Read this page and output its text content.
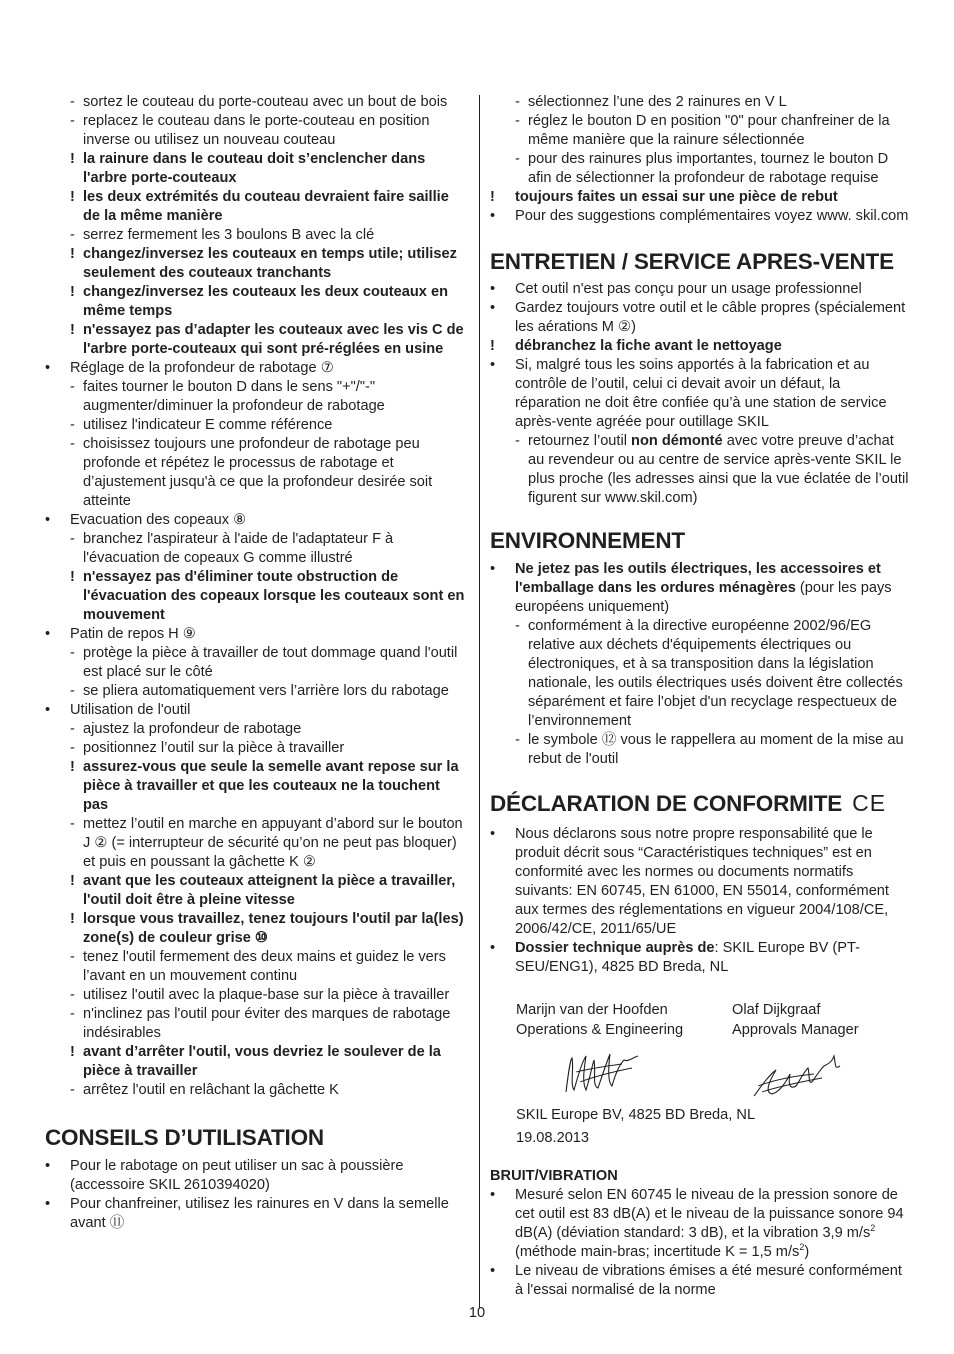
- sortez le couteau du porte-couteau avec un bout de bois
- replacez le couteau dans le porte-couteau en position inverse ou utilisez un nouveau couteau
! la rainure dans le couteau doit s’enclencher dans l'arbre porte-couteaux
! les deux extrémités du couteau devraient faire saillie de la même manière
- serrez fermement les 3 boulons B avec la clé
! changez/inversez les couteaux en temps utile; utilisez seulement des couteaux tranchants
! changez/inversez les couteaux les deux couteaux en même temps
! n'essayez pas d’adapter les couteaux avec les vis C de l'arbre porte-couteaux qui sont pré-réglées en usine
• Réglage de la profondeur de rabotage ⑦
- faites tourner le bouton D dans le sens "+"/"-" augmenter/diminuer la profondeur de rabotage
- utilisez l'indicateur E comme référence
- choisissez toujours une profondeur de rabotage peu profonde et répétez le processus de rabotage et d’ajustement jusqu'à ce que la profondeur desirée soit atteinte
• Evacuation des copeaux ⑧
- branchez l'aspirateur à l'aide de l'adaptateur F à l'évacuation de copeaux G comme illustré
! n'essayez pas d'éliminer toute obstruction de l'évacuation des copeaux lorsque les couteaux sont en mouvement
• Patin de repos H ⑨
- protège la pièce à travailler de tout dommage quand l'outil est placé sur le côté
- se pliera automatiquement vers l’arrière lors du rabotage
• Utilisation de l'outil
- ajustez la profondeur de rabotage
- positionnez l’outil sur la pièce à travailler
! assurez-vous que seule la semelle avant repose sur la pièce à travailler et que les couteaux ne la touchent pas
- mettez l’outil en marche en appuyant d’abord sur le bouton J ② (= interrupteur de sécurité qu’on ne peut pas bloquer) et puis en poussant la gâchette K ②
! avant que les couteaux atteignent la pièce a travailler, l'outil doit être à pleine vitesse
! lorsque vous travaillez, tenez toujours l'outil par la(les) zone(s) de couleur grise ⑩
- tenez l'outil fermement des deux mains et guidez le vers l’avant en un mouvement continu
- utilisez l'outil avec la plaque-base sur la pièce à travailler
- n'inclinez pas l'outil pour éviter des marques de rabotage indésirables
! avant d’arrêter l'outil, vous devriez le soulever de la pièce à travailler
- arrêtez l'outil en relâchant la gâchette K
CONSEILS D’UTILISATION
• Pour le rabotage on peut utiliser un sac à poussière (accessoire SKIL 2610394020)
• Pour chanfreiner, utilisez les rainures en V dans la semelle avant ⑪
- sélectionnez l’une des 2 rainures en V L
- réglez le bouton D en position "0" pour chanfreiner de la même manière que la rainure sélectionnée
- pour des rainures plus importantes, tournez le bouton D afin de sélectionner la profondeur de rabotage requise
! toujours faites un essai sur une pièce de rebut
• Pour des suggestions complémentaires voyez www. skil.com
ENTRETIEN / SERVICE APRES-VENTE
• Cet outil n'est pas conçu pour un usage professionnel
• Gardez toujours votre outil et le câble propres (spécialement les aérations M ②)
! débranchez la fiche avant le nettoyage
• Si, malgré tous les soins apportés à la fabrication et au contrôle de l’outil, celui ci devait avoir un défaut, la réparation ne doit être confiée qu’à une station de service après-vente agréée pour outillage SKIL
- retournez l’outil non démonté avec votre preuve d’achat au revendeur ou au centre de service après-vente SKIL le plus proche (les adresses ainsi que la vue éclatée de l’outil figurent sur www.skil.com)
ENVIRONNEMENT
• Ne jetez pas les outils électriques, les accessoires et l'emballage dans les ordures ménagères (pour les pays européens uniquement)
- conformément à la directive européenne 2002/96/EG relative aux déchets d'équipements électriques ou électroniques, et à sa transposition dans la législation nationale, les outils électriques usés doivent être collectés séparément et faire l'objet d'un recyclage respectueux de l’environnement
- le symbole ⑫ vous le rappellera au moment de la mise au rebut de l'outil
DÉCLARATION DE CONFORMITE CE
• Nous déclarons sous notre propre responsabilité que le produit décrit sous “Caractéristiques techniques” est en conformité avec les normes ou documents normatifs suivants: EN 60745, EN 61000, EN 55014, conformément aux termes des réglementations en vigueur 2004/108/CE, 2006/42/CE, 2011/65/UE
• Dossier technique auprès de: SKIL Europe BV (PT-SEU/ENG1), 4825 BD Breda, NL
Marijn van der Hoofden
Operations & Engineering
Olaf Dijkgraaf
Approvals Manager
SKIL Europe BV, 4825 BD Breda, NL
19.08.2013
BRUIT/VIBRATION
• Mesuré selon EN 60745 le niveau de la pression sonore de cet outil est 83 dB(A) et le niveau de la puissance sonore 94 dB(A) (déviation standard: 3 dB), et la vibration 3,9 $m/s^2$ (méthode main-bras; incertitude K = 1,5 $m/s^2$)
• Le niveau de vibrations émises a été mesuré conformément à l'essai normalisé de la norme
10
